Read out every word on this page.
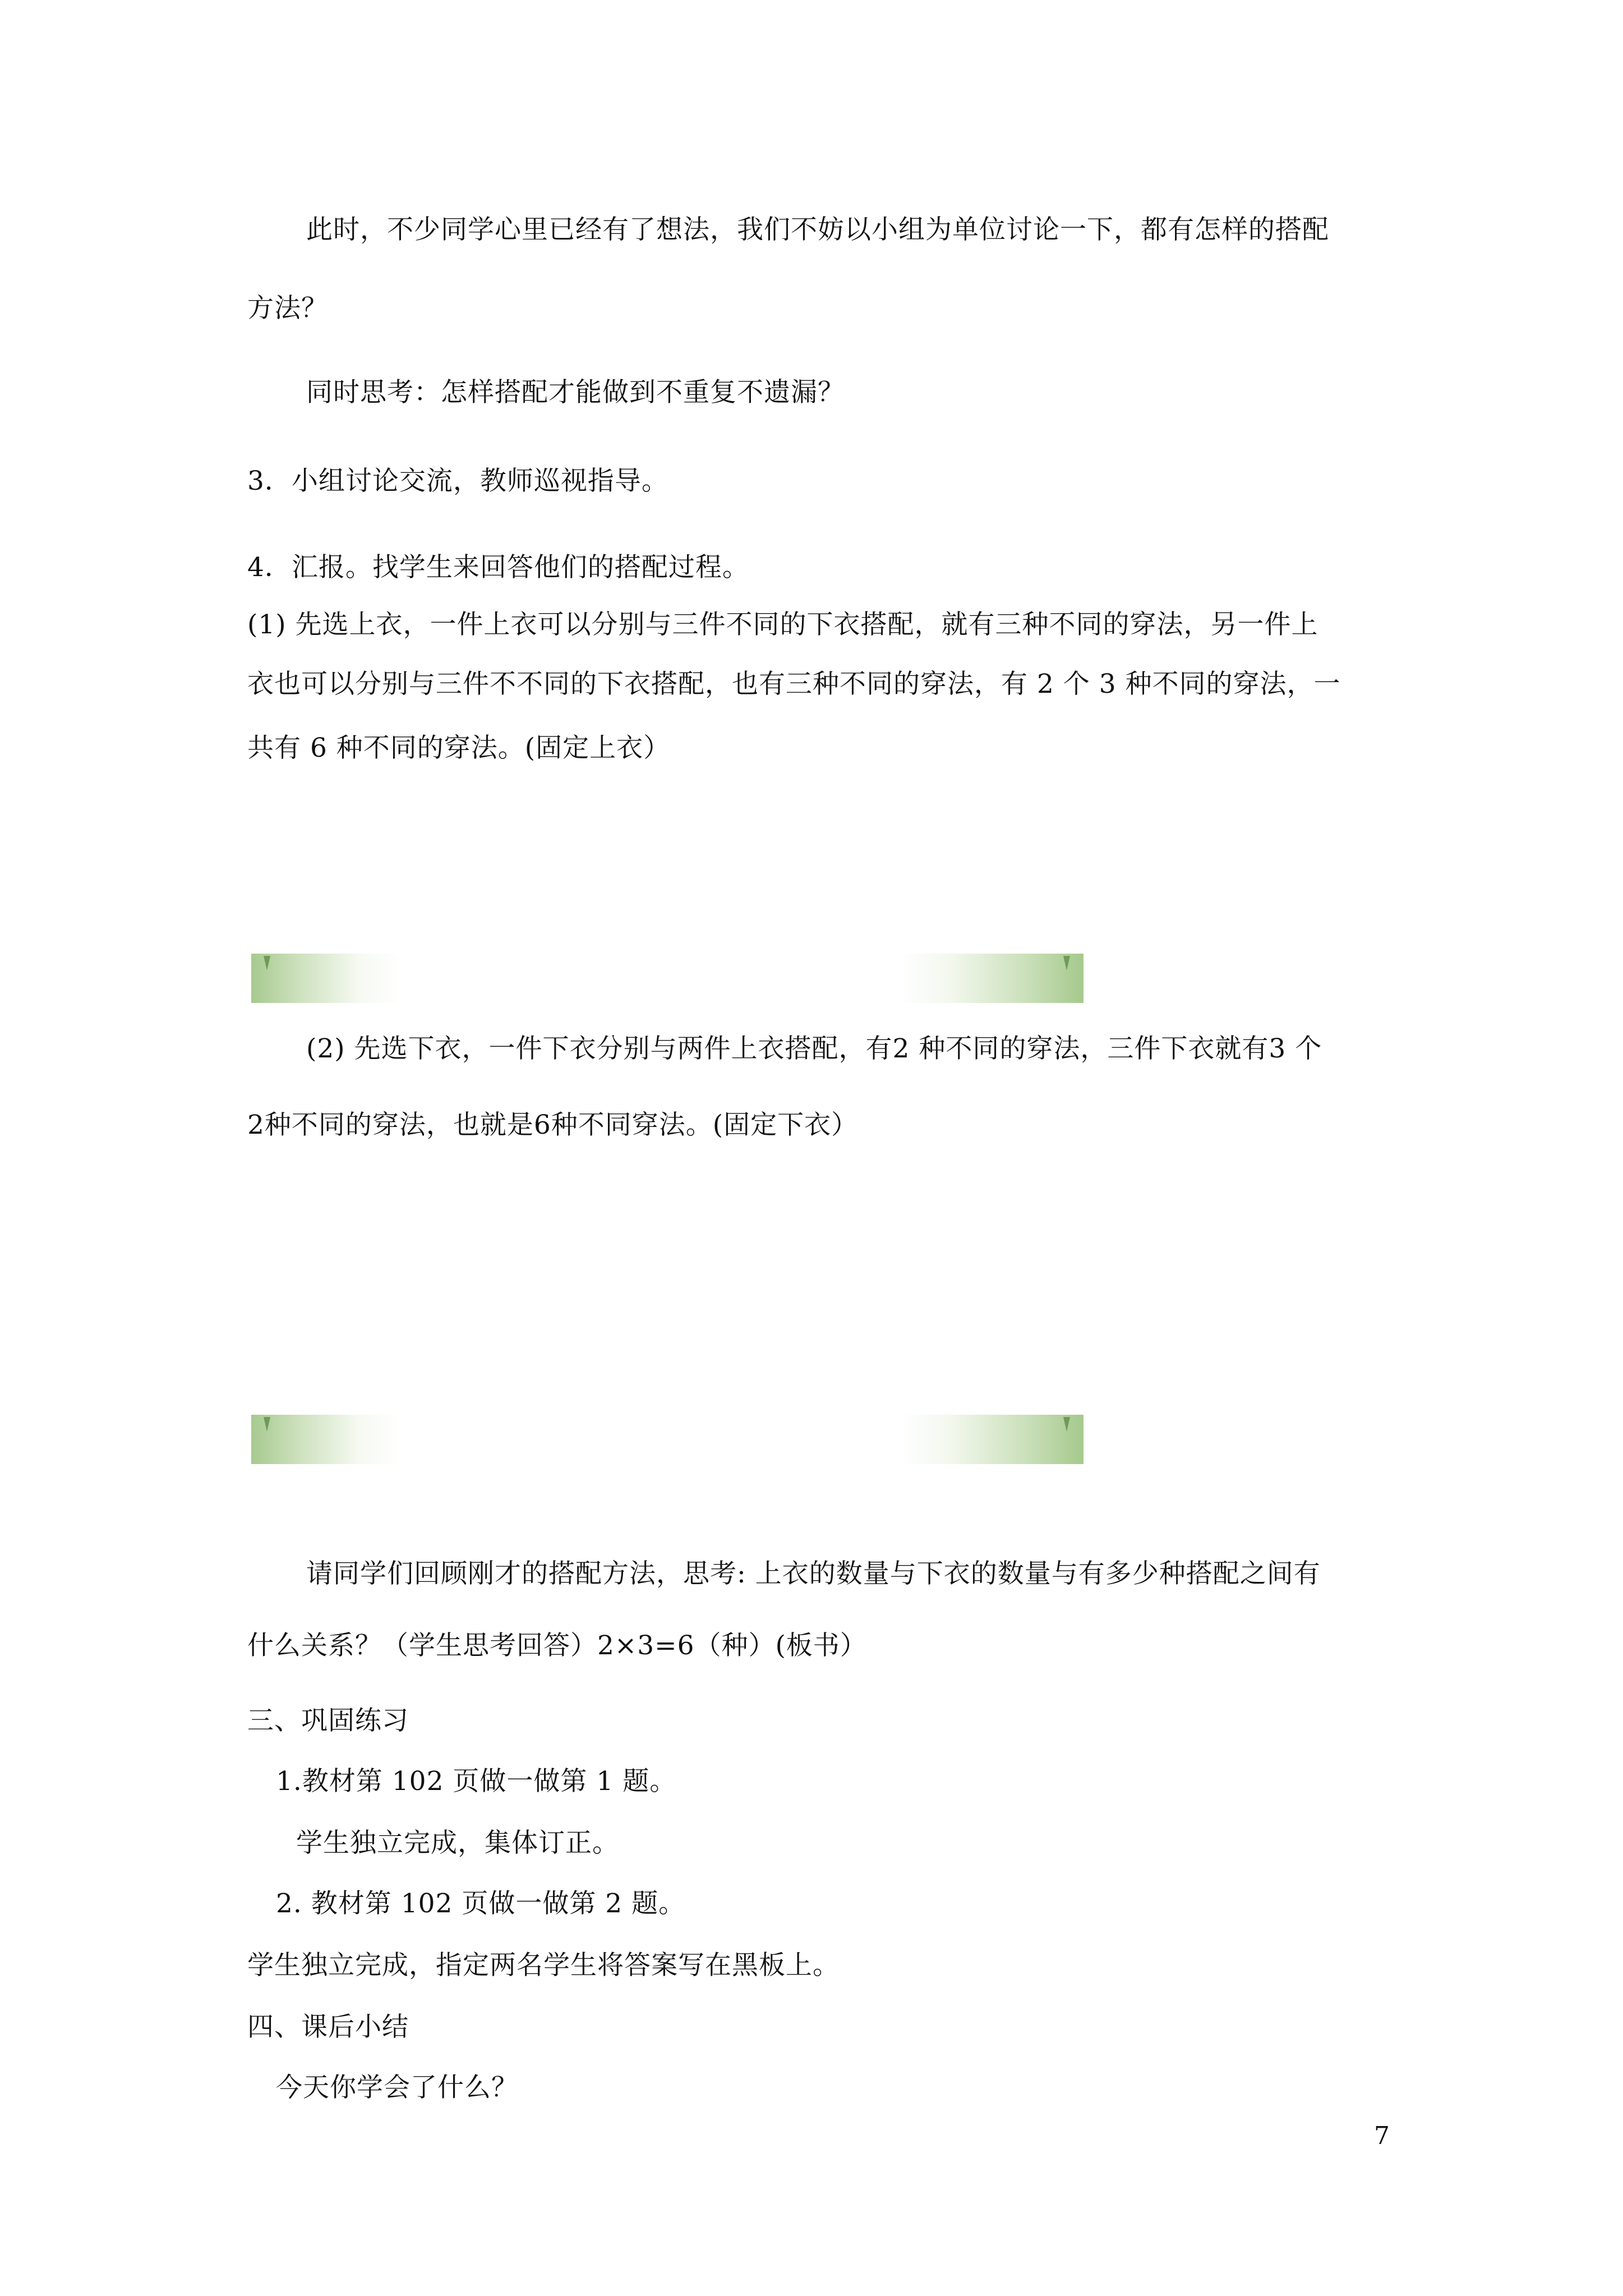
此时，不少同学心里已经有了想法，我们不妨以小组为单位讨论一下，都有怎样的搭配
方法？
同时思考：怎样搭配才能做到不重复不遗漏？
3．小组讨论交流，教师巡视指导。
4．汇报。找学生来回答他们的搭配过程。
(1) 先选上衣，一件上衣可以分别与三件不同的下衣搭配，就有三种不同的穿法，另一件上
衣也可以分别与三件不不同的下衣搭配，也有三种不同的穿法，有 2 个 3 种不同的穿法，一
共有 6 种不同的穿法。(固定上衣）
(2) 先选下衣，一件下衣分别与两件上衣搭配，有2 种不同的穿法，三件下衣就有3 个
2种不同的穿法，也就是6种不同穿法。(固定下衣）
请同学们回顾刚才的搭配方法，思考: 上衣的数量与下衣的数量与有多少种搭配之间有
什么关系？（学生思考回答）2×3=6（种）(板书）
三、巩固练习
1.教材第 102 页做一做第 1 题。
学生独立完成，集体订正。
2. 教材第 102 页做一做第 2 题。
学生独立完成，指定两名学生将答案写在黑板上。
四、课后小结
今天你学会了什么？
7
